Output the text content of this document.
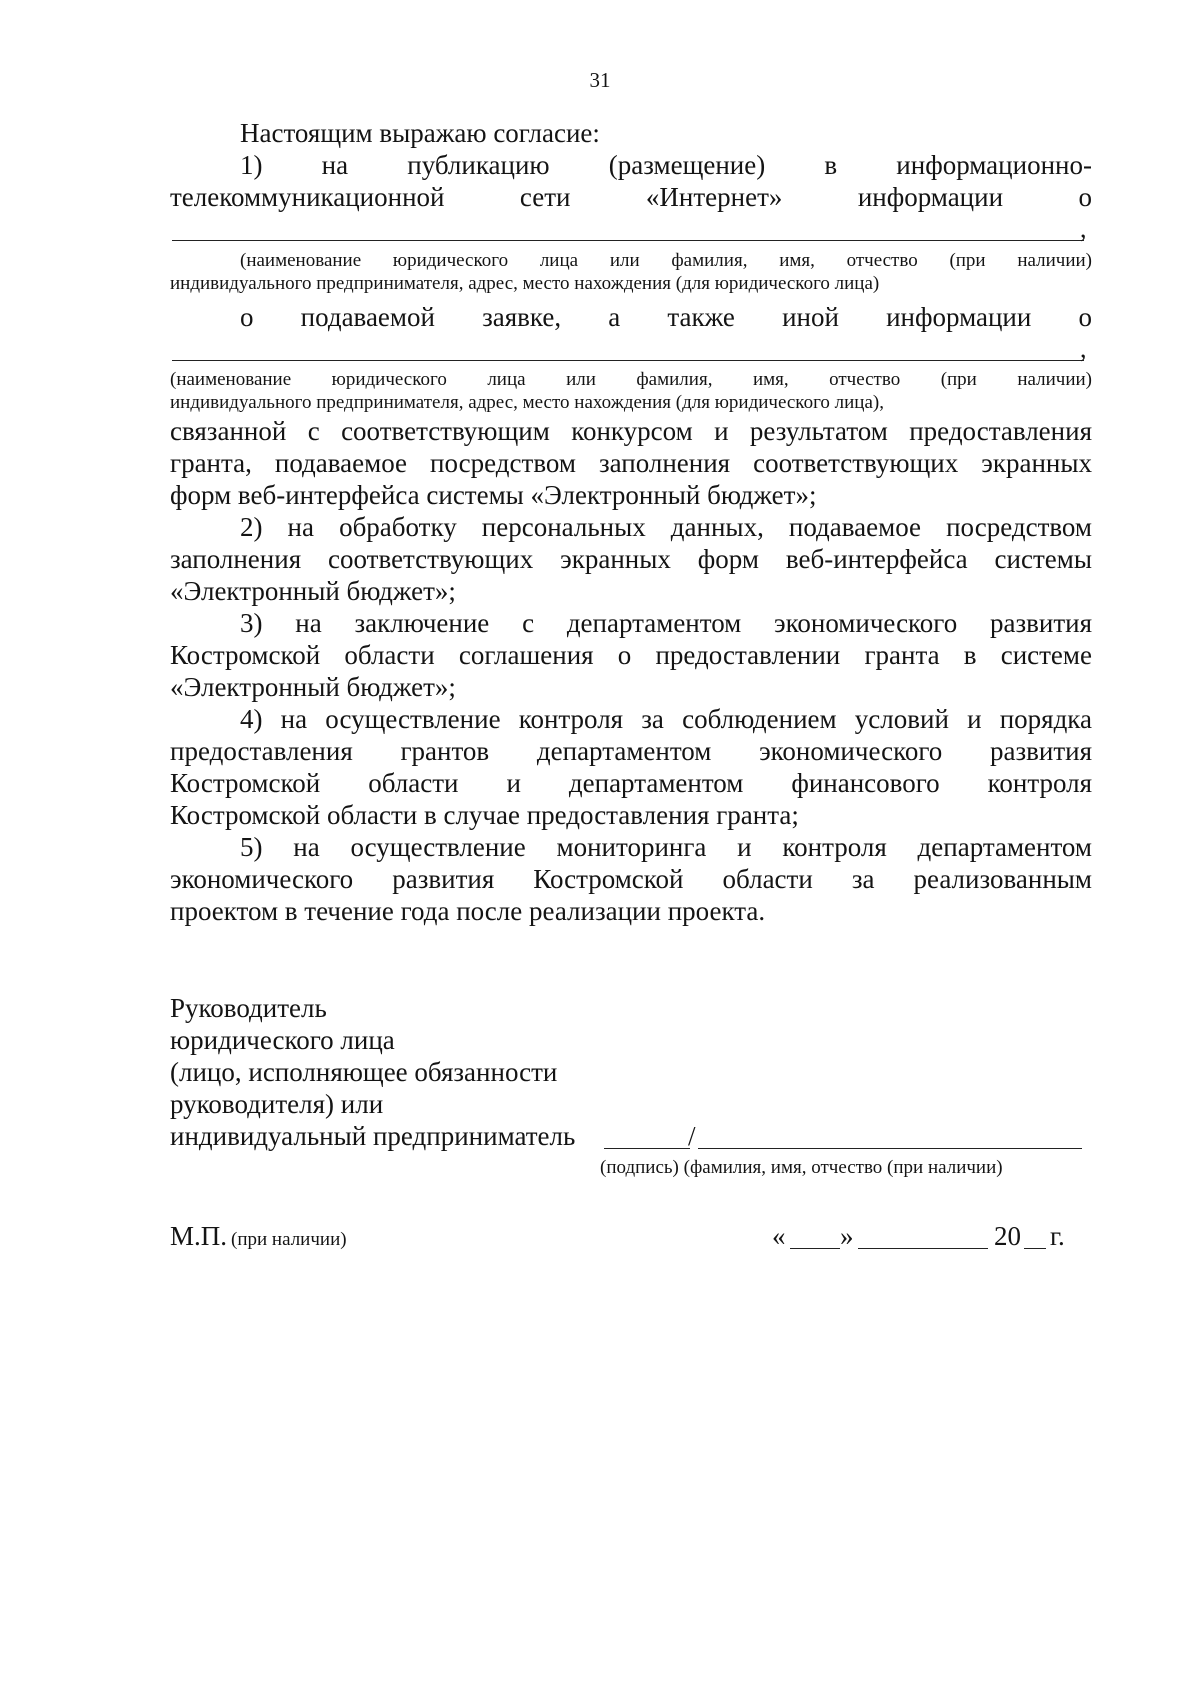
31
Настоящим выражаю согласие:
1) на публикацию (размещение) в информационно-
телекоммуникационной	сети	«Интернет»	информации	о
,
(наименование юридического лица или фамилия, имя, отчество (при наличии)
индивидуального предпринимателя, адрес, место нахождения (для юридического лица)
о подаваемой заявке, а также иной информации о
,
(наименование юридического лица или фамилия, имя, отчество (при наличии)
индивидуального предпринимателя, адрес, место нахождения (для юридического лица),
связанной с соответствующим конкурсом и результатом предоставления
гранта, подаваемое посредством заполнения соответствующих экранных
форм веб-интерфейса системы «Электронный бюджет»;
2) на обработку персональных данных, подаваемое посредством
заполнения соответствующих экранных форм веб-интерфейса системы
«Электронный бюджет»;
3) на заключение с департаментом экономического развития
Костромской области соглашения о предоставлении гранта в системе
«Электронный бюджет»;
4) на осуществление контроля за соблюдением условий и порядка
предоставления грантов департаментом экономического развития
Костромской области и департаментом финансового контроля
Костромской области в случае предоставления гранта;
5) на осуществление мониторинга и контроля департаментом
экономического развития Костромской области за реализованным
проектом в течение года после реализации проекта.
Руководитель
юридического лица
(лицо, исполняющее обязанности
руководителя) или
индивидуальный предприниматель	/
(подпись) (фамилия, имя, отчество (при наличии)
М.П. (при наличии)	« »	20 г.
